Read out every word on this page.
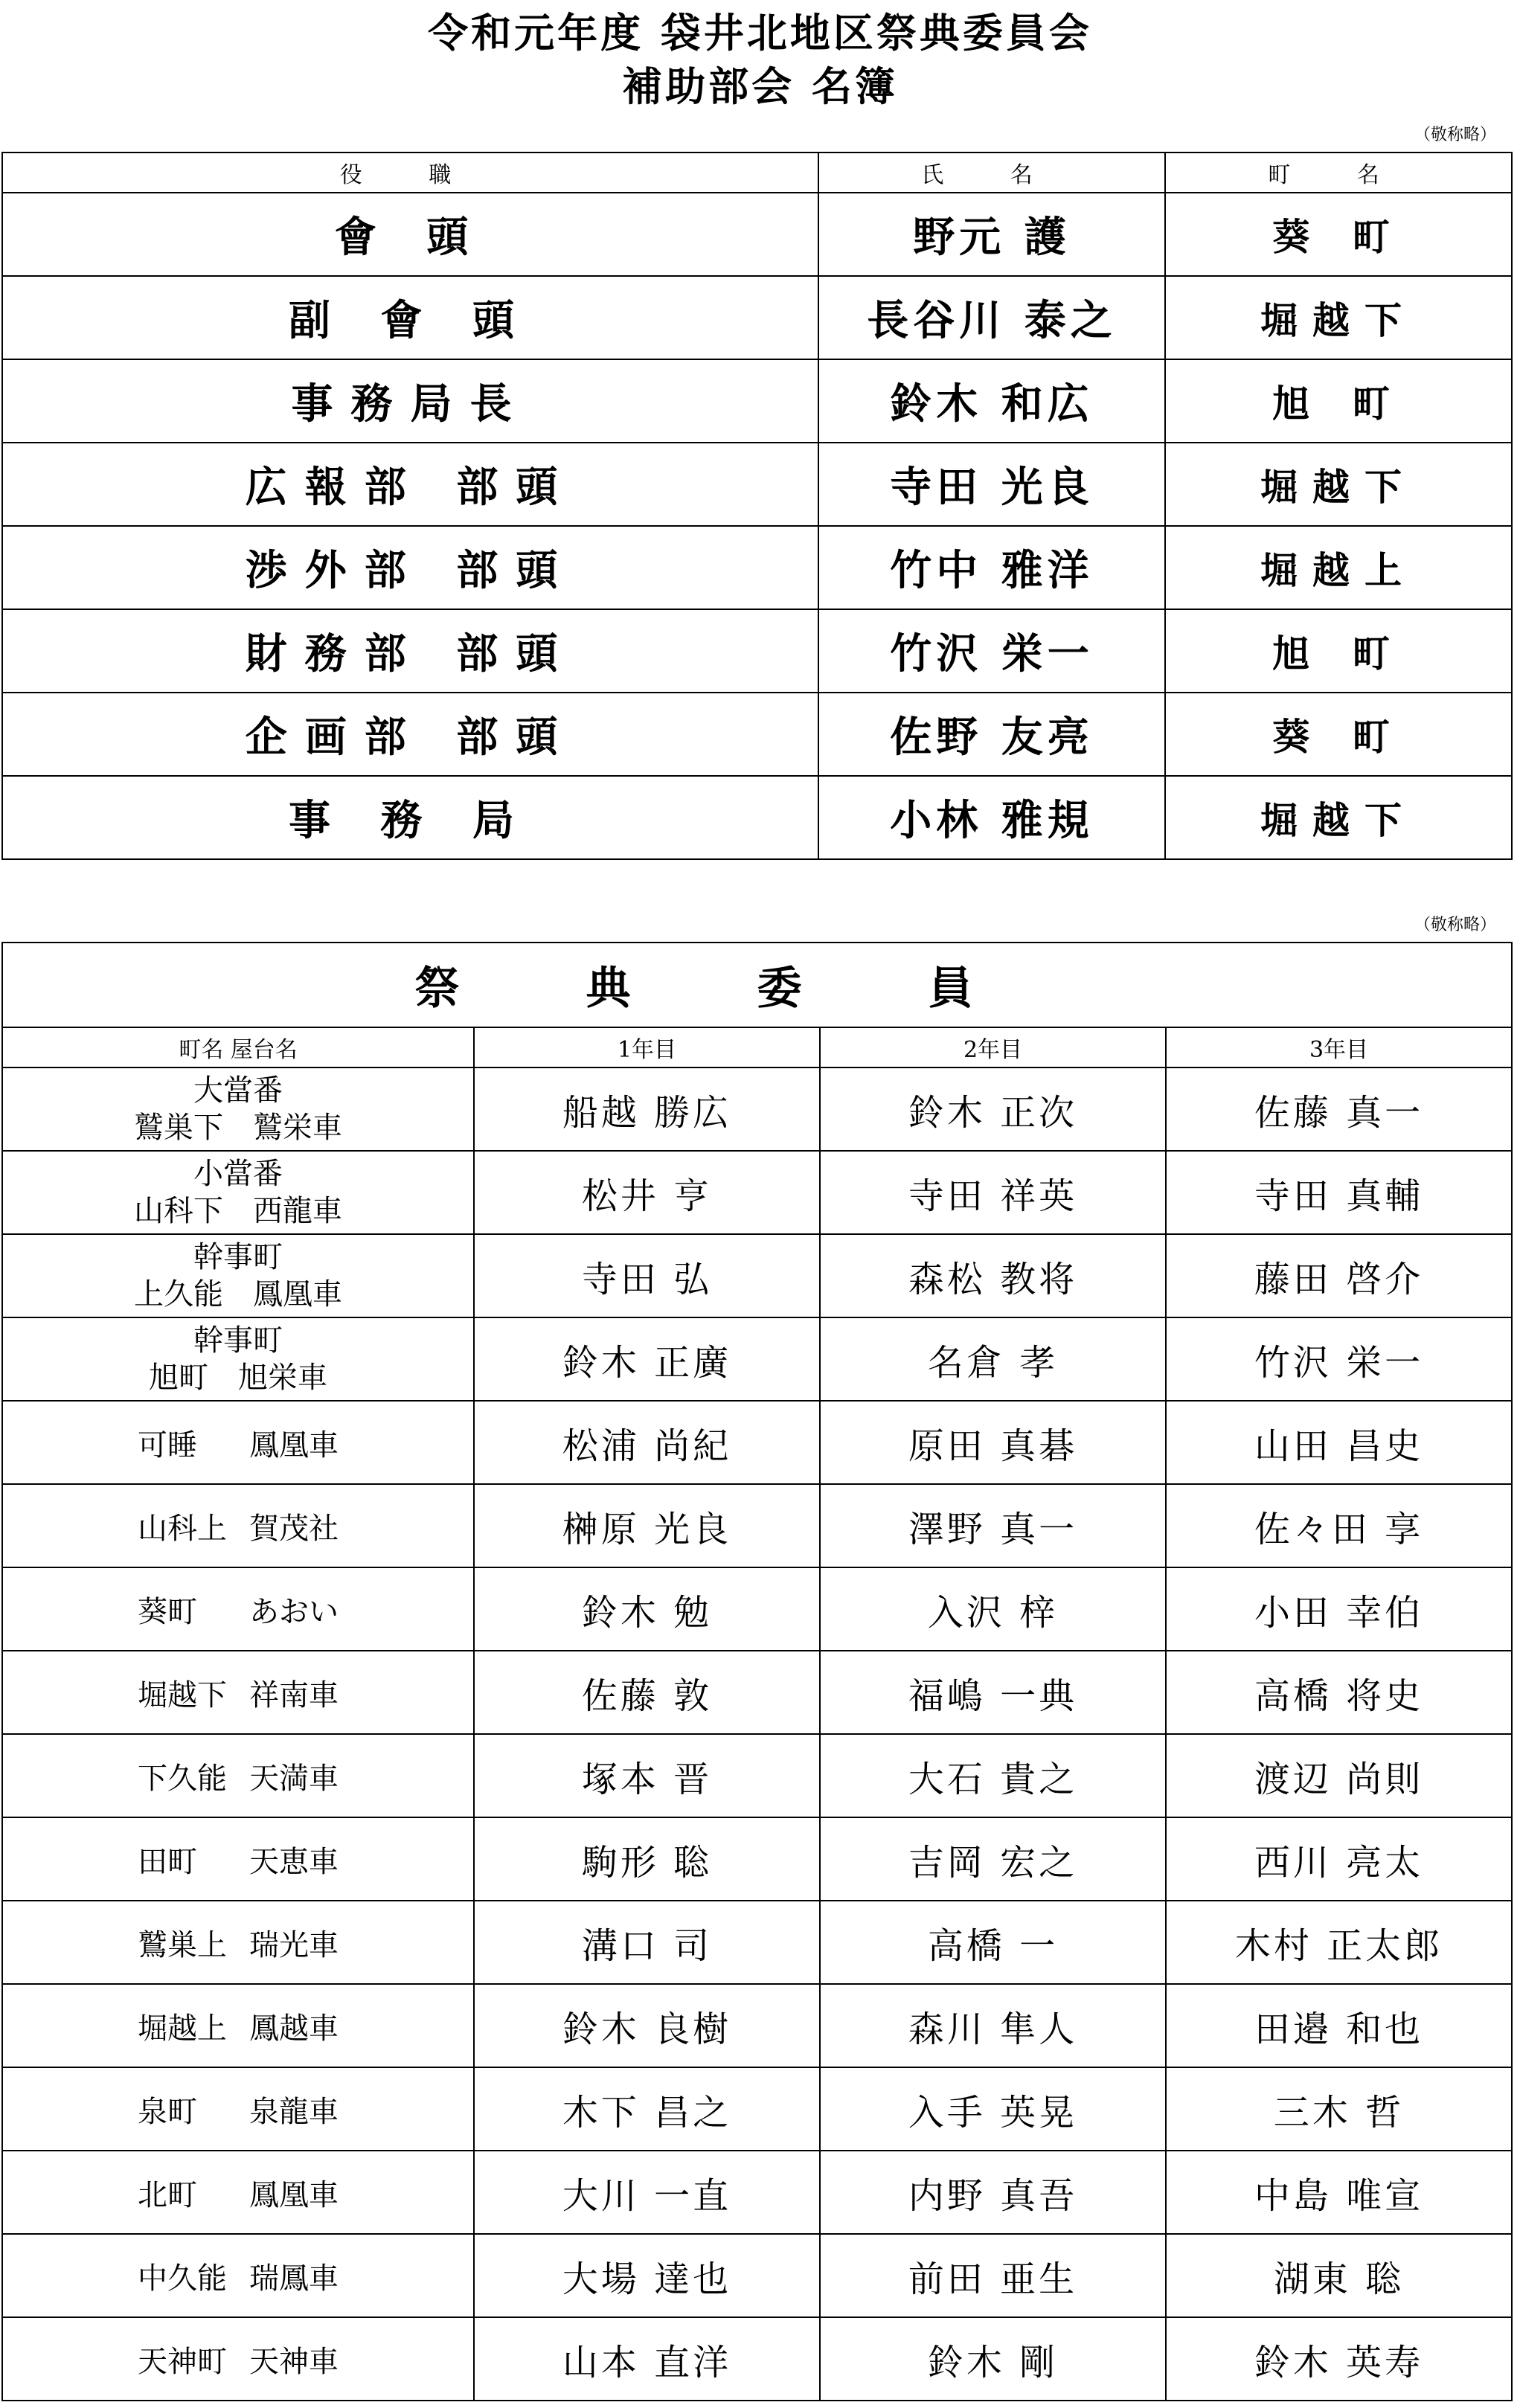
令和元年度 袋井北地区祭典委員会
補助部会 名簿
（敬称略）
役 職	氏 名	町 名
會 頭	野元 護	葵 町
副 會 頭	長谷川 泰之	堀越下
事務局長	鈴木 和広	旭 町
広報部 部頭	寺田 光良	堀越下
渉外部 部頭	竹中 雅洋	堀越上
財務部 部頭	竹沢 栄一	旭 町
企画部 部頭	佐野 友亮	葵 町
事 務 局	小林 雅規	堀越下
（敬称略）
祭典委員			
町名 屋台名	1年目	2年目	3年目

大當番
鷲巣下　 鷲栄車	船越 勝広	鈴木 正次	佐藤 真一

小當番
山科下　 西龍車	松井 亨	寺田 祥英	寺田 真輔

幹事町
上久能　 鳳凰車	寺田 弘	森松 教将	藤田 啓介

幹事町
旭町　 旭栄車	鈴木 正廣	名倉 孝	竹沢 栄一
可睡 鳳凰車	松浦 尚紀	原田 真碁	山田 昌史
山科上 賀茂社	榊原 光良	澤野 真一	佐々田 享
葵町 あおい	鈴木 勉	入沢 梓	小田 幸伯
堀越下 祥南車	佐藤 敦	福嶋 一典	高橋 将史
下久能 天満車	塚本 晋	大石 貴之	渡辺 尚則
田町 天恵車	駒形 聡	吉岡 宏之	西川 亮太
鷲巣上 瑞光車	溝口 司	高橋 一	木村 正太郎
堀越上 鳳越車	鈴木 良樹	森川 隼人	田邉 和也
泉町 泉龍車	木下 昌之	入手 英晃	三木 哲
北町 鳳凰車	大川 一直	内野 真吾	中島 唯宣
中久能 瑞鳳車	大場 達也	前田 亜生	湖東 聡
天神町 天神車	山本 直洋	鈴木 剛	鈴木 英寿
